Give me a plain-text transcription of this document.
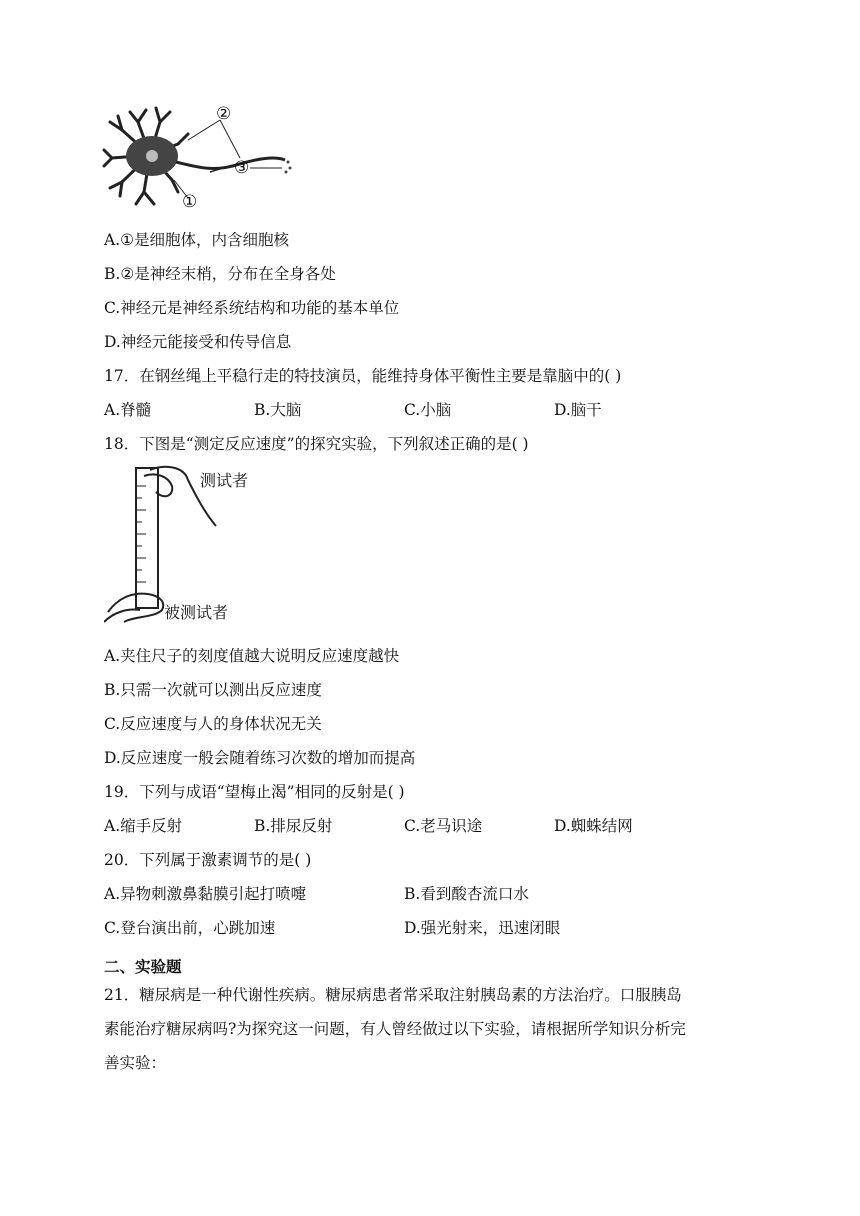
②
③
①
A.①是细胞体，内含细胞核
B.②是神经末梢，分布在全身各处
C.神经元是神经系统结构和功能的基本单位
D.神经元能接受和传导信息
17．在钢丝绳上平稳行走的特技演员，能维持身体平衡性主要是靠脑中的( )
A.脊髓	B.大脑	C.小脑	D.脑干
18．下图是“测定反应速度”的探究实验，下列叙述正确的是( )
测试者
被测试者
A.夹住尺子的刻度值越大说明反应速度越快
B.只需一次就可以测出反应速度
C.反应速度与人的身体状况无关
D.反应速度一般会随着练习次数的增加而提高
19．下列与成语“望梅止渴”相同的反射是( )
A.缩手反射	B.排尿反射	C.老马识途	D.蜘蛛结网
20．下列属于激素调节的是( )
A.异物刺激鼻黏膜引起打喷嚏	B.看到酸杏流口水
C.登台演出前，心跳加速	D.强光射来，迅速闭眼
二、实验题
21．糖尿病是一种代谢性疾病。糖尿病患者常采取注射胰岛素的方法治疗。口服胰岛
素能治疗糖尿病吗?为探究这一问题，有人曾经做过以下实验，请根据所学知识分析完
善实验：
